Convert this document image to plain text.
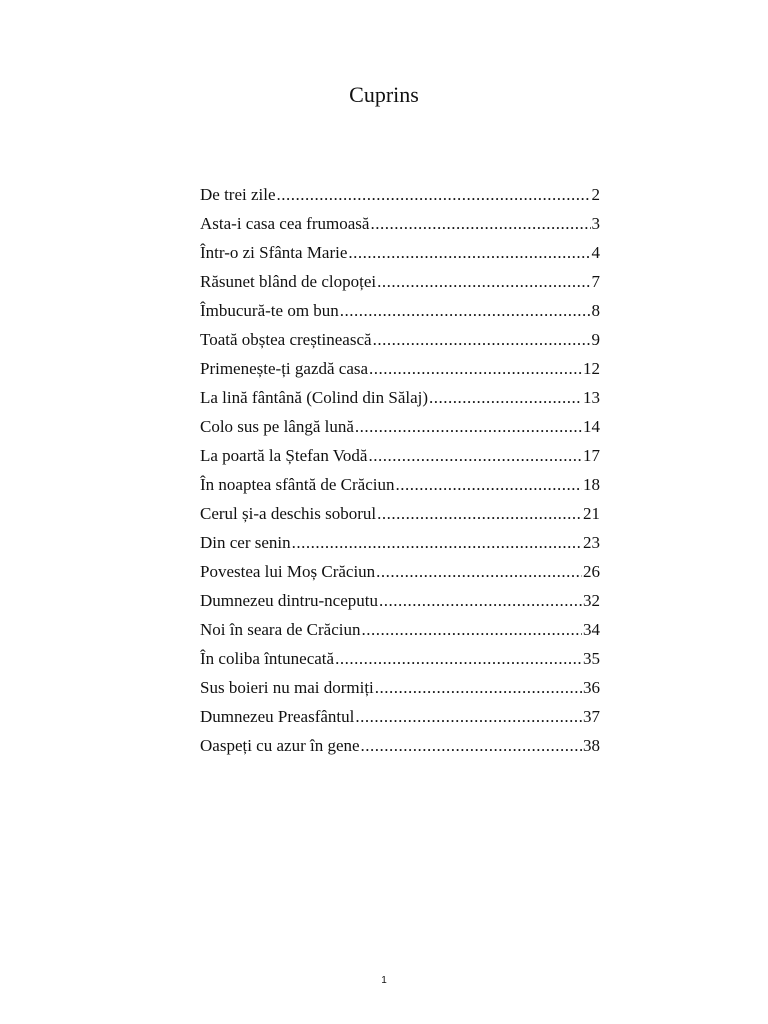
Cuprins
De trei zile .....	2
Asta-i casa cea frumoasă .....	3
Într-o zi Sfânta Marie .....	4
Răsunet blând de clopoței .....	7
Îmbucură-te om bun .....	8
Toată obștea creștinească .....	9
Primenește-ți gazdă casa .....	12
La lină fântână (Colind din Sălaj) .....	13
Colo sus pe lângă lună .....	14
La poartă la Ștefan Vodă .....	17
În noaptea sfântă de Crăciun .....	18
Cerul și-a deschis soborul .....	21
Din cer senin .....	23
Povestea lui Moș Crăciun .....	26
Dumnezeu dintru-nceputu .....	32
Noi în seara de Crăciun .....	34
În coliba întunecată .....	35
Sus boieri nu mai dormiți .....	36
Dumnezeu Preasfântul .....	37
Oaspeți cu azur în gene .....	38
1
